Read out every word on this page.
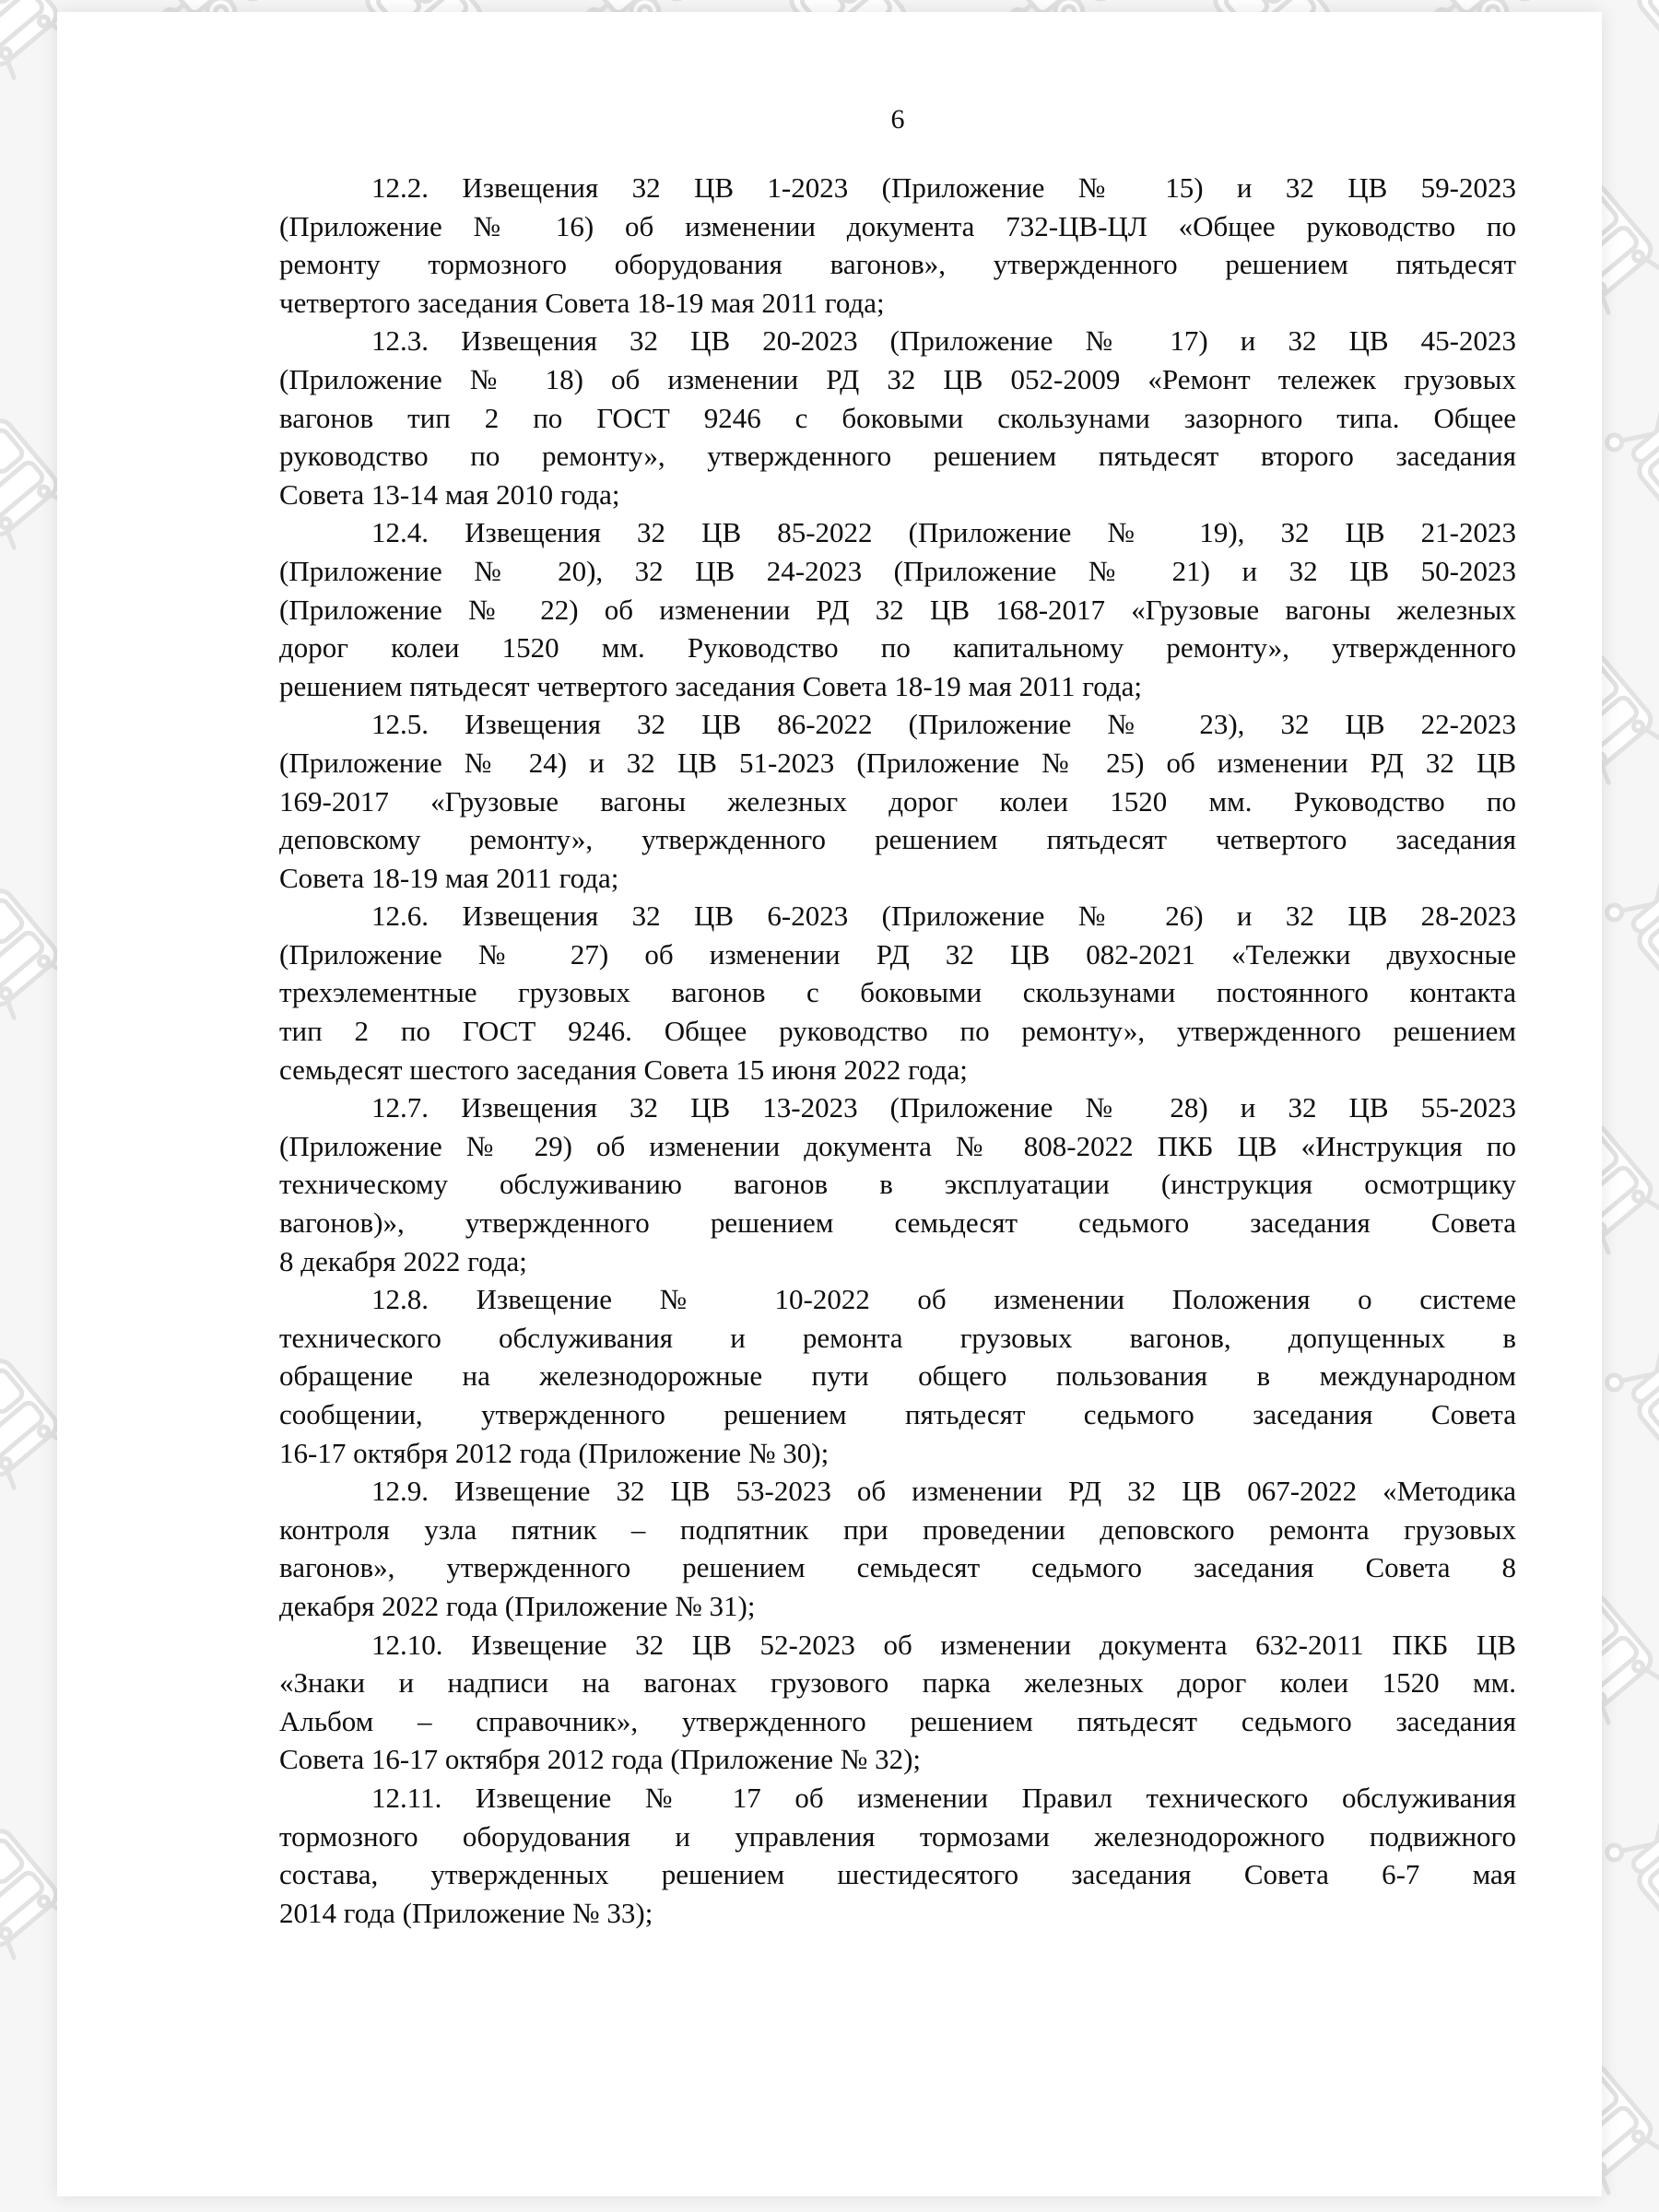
6
12.2. Извещения 32 ЦВ 1-2023 (Приложение № 15) и 32 ЦВ 59-2023
(Приложение № 16) об изменении документа 732-ЦВ-ЦЛ «Общее руководство по
ремонту тормозного оборудования вагонов», утвержденного решением пятьдесят
четвертого заседания Совета 18-19 мая 2011 года;
12.3. Извещения 32 ЦВ 20-2023 (Приложение № 17) и 32 ЦВ 45-2023
(Приложение № 18) об изменении РД 32 ЦВ 052-2009 «Ремонт тележек грузовых
вагонов тип 2 по ГОСТ 9246 с боковыми скользунами зазорного типа. Общее
руководство по ремонту», утвержденного решением пятьдесят второго заседания
Совета 13-14 мая 2010 года;
12.4. Извещения 32 ЦВ 85-2022 (Приложение № 19), 32 ЦВ 21-2023
(Приложение № 20), 32 ЦВ 24-2023 (Приложение № 21) и 32 ЦВ 50-2023
(Приложение № 22) об изменении РД 32 ЦВ 168-2017 «Грузовые вагоны железных
дорог колеи 1520 мм. Руководство по капитальному ремонту», утвержденного
решением пятьдесят четвертого заседания Совета 18-19 мая 2011 года;
12.5. Извещения 32 ЦВ 86-2022 (Приложение № 23), 32 ЦВ 22-2023
(Приложение № 24) и 32 ЦВ 51-2023 (Приложение № 25) об изменении РД 32 ЦВ
169-2017 «Грузовые вагоны железных дорог колеи 1520 мм. Руководство по
деповскому ремонту», утвержденного решением пятьдесят четвертого заседания
Совета 18-19 мая 2011 года;
12.6. Извещения 32 ЦВ 6-2023 (Приложение № 26) и 32 ЦВ 28-2023
(Приложение № 27) об изменении РД 32 ЦВ 082-2021 «Тележки двухосные
трехэлементные грузовых вагонов с боковыми скользунами постоянного контакта
тип 2 по ГОСТ 9246. Общее руководство по ремонту», утвержденного решением
семьдесят шестого заседания Совета 15 июня 2022 года;
12.7. Извещения 32 ЦВ 13-2023 (Приложение № 28) и 32 ЦВ 55-2023
(Приложение № 29) об изменении документа № 808-2022 ПКБ ЦВ «Инструкция по
техническому обслуживанию вагонов в эксплуатации (инструкция осмотрщику
вагонов)», утвержденного решением семьдесят седьмого заседания Совета
8 декабря 2022 года;
12.8. Извещение № 10-2022 об изменении Положения о системе
технического обслуживания и ремонта грузовых вагонов, допущенных в
обращение на железнодорожные пути общего пользования в международном
сообщении, утвержденного решением пятьдесят седьмого заседания Совета
16-17 октября 2012 года (Приложение № 30);
12.9. Извещение 32 ЦВ 53-2023 об изменении РД 32 ЦВ 067-2022 «Методика
контроля узла пятник – подпятник при проведении деповского ремонта грузовых
вагонов», утвержденного решением семьдесят седьмого заседания Совета 8
декабря 2022 года (Приложение № 31);
12.10. Извещение 32 ЦВ 52-2023 об изменении документа 632-2011 ПКБ ЦВ
«Знаки и надписи на вагонах грузового парка железных дорог колеи 1520 мм.
Альбом – справочник», утвержденного решением пятьдесят седьмого заседания
Совета 16-17 октября 2012 года (Приложение № 32);
12.11. Извещение № 17 об изменении Правил технического обслуживания
тормозного оборудования и управления тормозами железнодорожного подвижного
состава, утвержденных решением шестидесятого заседания Совета 6-7 мая
2014 года (Приложение № 33);
